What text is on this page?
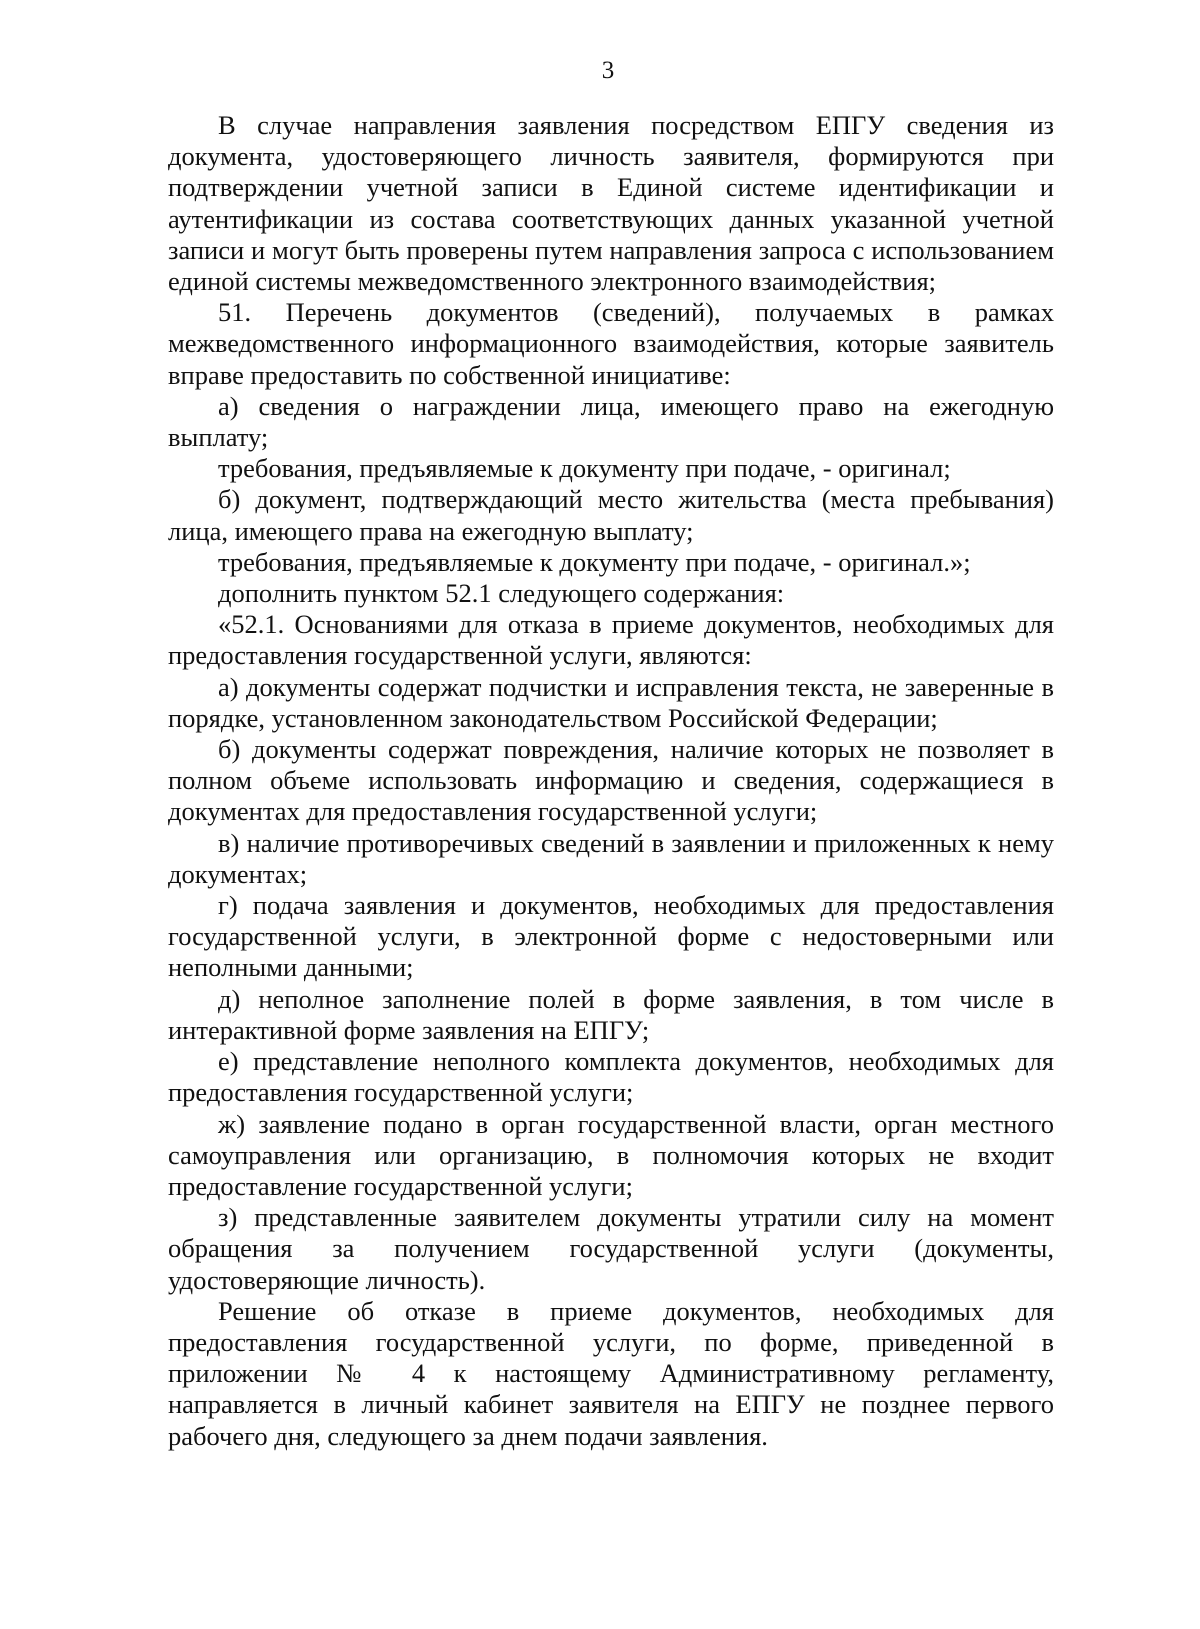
3

В случае направления заявления посредством ЕПГУ сведения из документа, удостоверяющего личность заявителя, формируются при подтверждении учетной записи в Единой системе идентификации и аутентификации из состава соответствующих данных указанной учетной записи и могут быть проверены путем направления запроса с использованием единой системы межведомственного электронного взаимодействия;

51. Перечень документов (сведений), получаемых в рамках межведомственного информационного взаимодействия, которые заявитель вправе предоставить по собственной инициативе:

а) сведения о награждении лица, имеющего право на ежегодную выплату;

требования, предъявляемые к документу при подаче, - оригинал;

б) документ, подтверждающий место жительства (места пребывания) лица, имеющего права на ежегодную выплату;

требования, предъявляемые к документу при подаче, - оригинал.»;

дополнить пунктом 52.1 следующего содержания:

«52.1. Основаниями для отказа в приеме документов, необходимых для предоставления государственной услуги, являются:

а) документы содержат подчистки и исправления текста, не заверенные в порядке, установленном законодательством Российской Федерации;

б) документы содержат повреждения, наличие которых не позволяет в полном объеме использовать информацию и сведения, содержащиеся в документах для предоставления государственной услуги;

в) наличие противоречивых сведений в заявлении и приложенных к нему документах;

г) подача заявления и документов, необходимых для предоставления государственной услуги, в электронной форме с недостоверными или неполными данными;

д) неполное заполнение полей в форме заявления, в том числе в интерактивной форме заявления на ЕПГУ;

е) представление неполного комплекта документов, необходимых для предоставления государственной услуги;

ж) заявление подано в орган государственной власти, орган местного самоуправления или организацию, в полномочия которых не входит предоставление государственной услуги;

з) представленные заявителем документы утратили силу на момент обращения за получением государственной услуги (документы, удостоверяющие личность).

Решение об отказе в приеме документов, необходимых для предоставления государственной услуги, по форме, приведенной в приложении № 4 к настоящему Административному регламенту, направляется в личный кабинет заявителя на ЕПГУ не позднее первого рабочего дня, следующего за днем подачи заявления.
